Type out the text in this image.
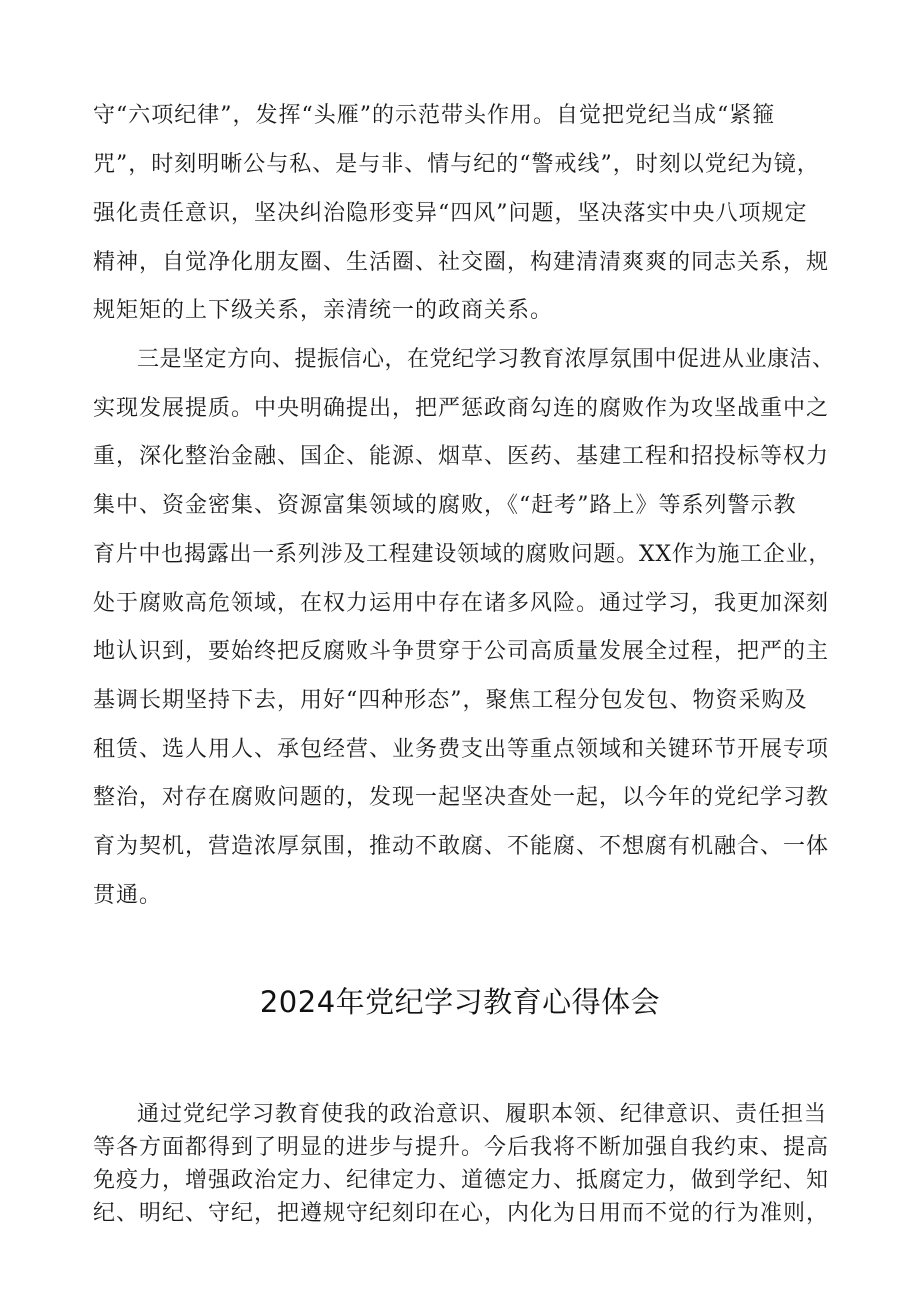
守“六项纪律”，发挥“头雁”的示范带头作用。自觉把党纪当成“紧箍
咒”，时刻明晰公与私、是与非、情与纪的“警戒线”，时刻以党纪为镜，
强化责任意识，坚决纠治隐形变异“四风”问题，坚决落实中央八项规定
精神，自觉净化朋友圈、生活圈、社交圈，构建清清爽爽的同志关系，规
规矩矩的上下级关系，亲清统一的政商关系。
三是坚定方向、提振信心，在党纪学习教育浓厚氛围中促进从业康洁、
实现发展提质。中央明确提出，把严惩政商勾连的腐败作为攻坚战重中之
重，深化整治金融、国企、能源、烟草、医药、基建工程和招投标等权力
集中、资金密集、资源富集领域的腐败，《“赶考”路上》等系列警示教
育片中也揭露出一系列涉及工程建设领域的腐败问题。XX作为施工企业，
处于腐败高危领域，在权力运用中存在诸多风险。通过学习，我更加深刻
地认识到，要始终把反腐败斗争贯穿于公司高质量发展全过程，把严的主
基调长期坚持下去，用好“四种形态”，聚焦工程分包发包、物资采购及
租赁、选人用人、承包经营、业务费支出等重点领域和关键环节开展专项
整治，对存在腐败问题的，发现一起坚决查处一起，以今年的党纪学习教
育为契机，营造浓厚氛围，推动不敢腐、不能腐、不想腐有机融合、一体
贯通。
2024年党纪学习教育心得体会
通过党纪学习教育使我的政治意识、履职本领、纪律意识、责任担当
等各方面都得到了明显的进步与提升。今后我将不断加强自我约束、提高
免疫力，增强政治定力、纪律定力、道德定力、抵腐定力，做到学纪、知
纪、明纪、守纪，把遵规守纪刻印在心，内化为日用而不觉的行为准则，
